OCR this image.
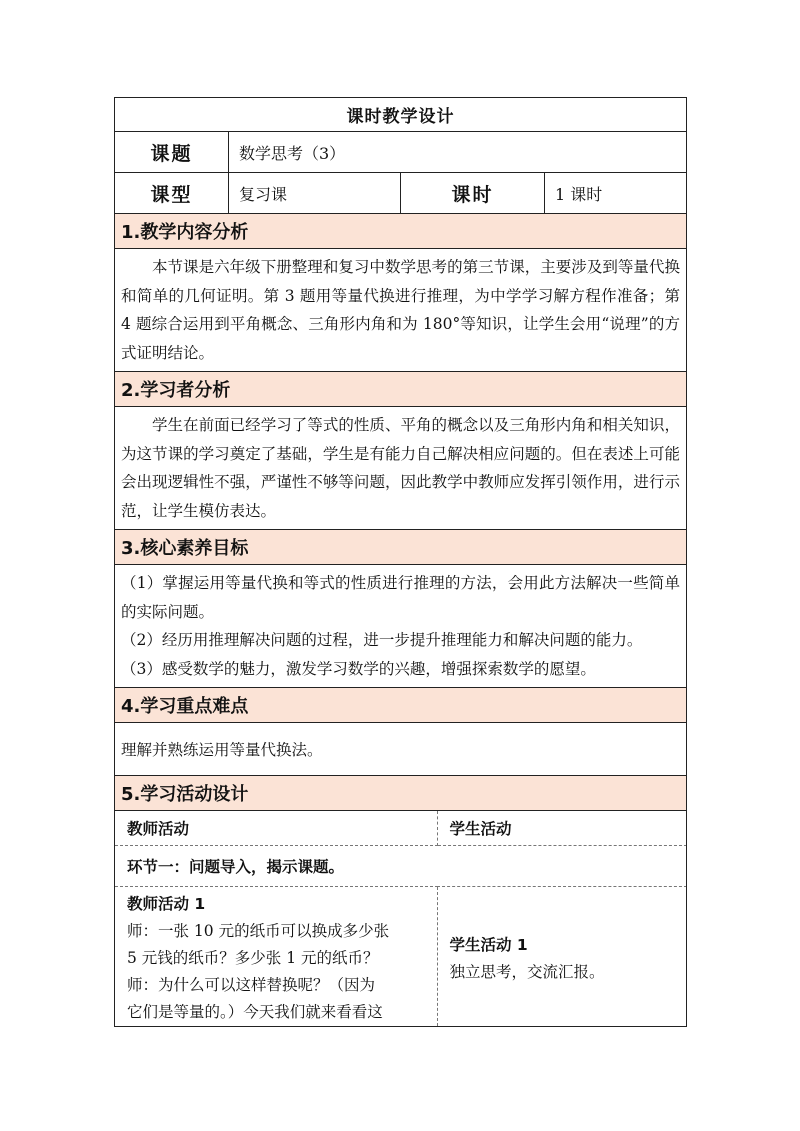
课时教学设计
课题	数学思考（3）
课型	复习课	课时	1 课时
1.教学内容分析
本节课是六年级下册整理和复习中数学思考的第三节课，主要涉及到等量代换和简单的几何证明。第 3 题用等量代换进行推理，为中学学习解方程作准备；第 4 题综合运用到平角概念、三角形内角和为 180°等知识，让学生会用“说理”的方式证明结论。
2.学习者分析
学生在前面已经学习了等式的性质、平角的概念以及三角形内角和相关知识，为这节课的学习奠定了基础，学生是有能力自己解决相应问题的。但在表述上可能会出现逻辑性不强，严谨性不够等问题，因此教学中教师应发挥引领作用，进行示范，让学生模仿表达。
3.核心素养目标

（1）掌握运用等量代换和等式的性质进行推理的方法，会用此方法解决一些简单的实际问题。

（2）经历用推理解决问题的过程，进一步提升推理能力和解决问题的能力。

（3）感受数学的魅力，激发学习数学的兴趣，增强探索数学的愿望。

4.学习重点难点
理解并熟练运用等量代换法。
5.学习活动设计

教师活动	学生活动
环节一：问题导入，揭示课题。

教师活动 1
师：一张 10 元的纸币可以换成多少张
5 元钱的纸币？多少张 1 元的纸币？
师：为什么可以这样替换呢？（因为
它们是等量的。）今天我们就来看看这

学生活动 1
独立思考，交流汇报。
